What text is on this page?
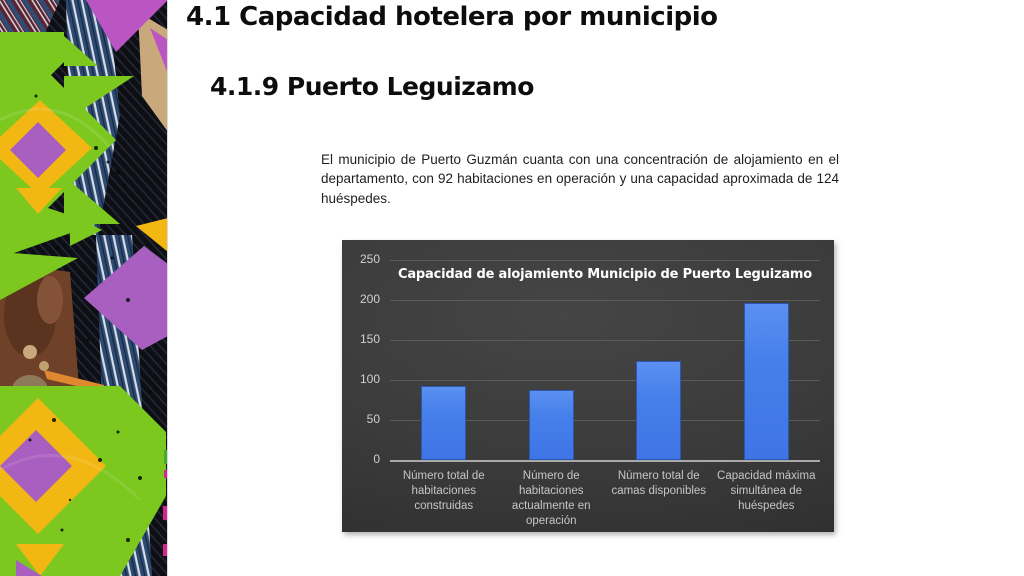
4.1 Capacidad hotelera por municipio
4.1.9 Puerto Leguizamo

El municipio de Puerto Guzmán cuanta con una concentración de alojamiento en el departamento, con 92 habitaciones en operación y una capacidad aproximada de 124 huéspedes.

0
50
100
150
200
250
Número total de habitaciones construidas
Número de habitaciones actualmente en operación
Número total de camas disponibles
Capacidad máxima simultánea de huéspedes
Capacidad de alojamiento Municipio de Puerto Leguizamo
